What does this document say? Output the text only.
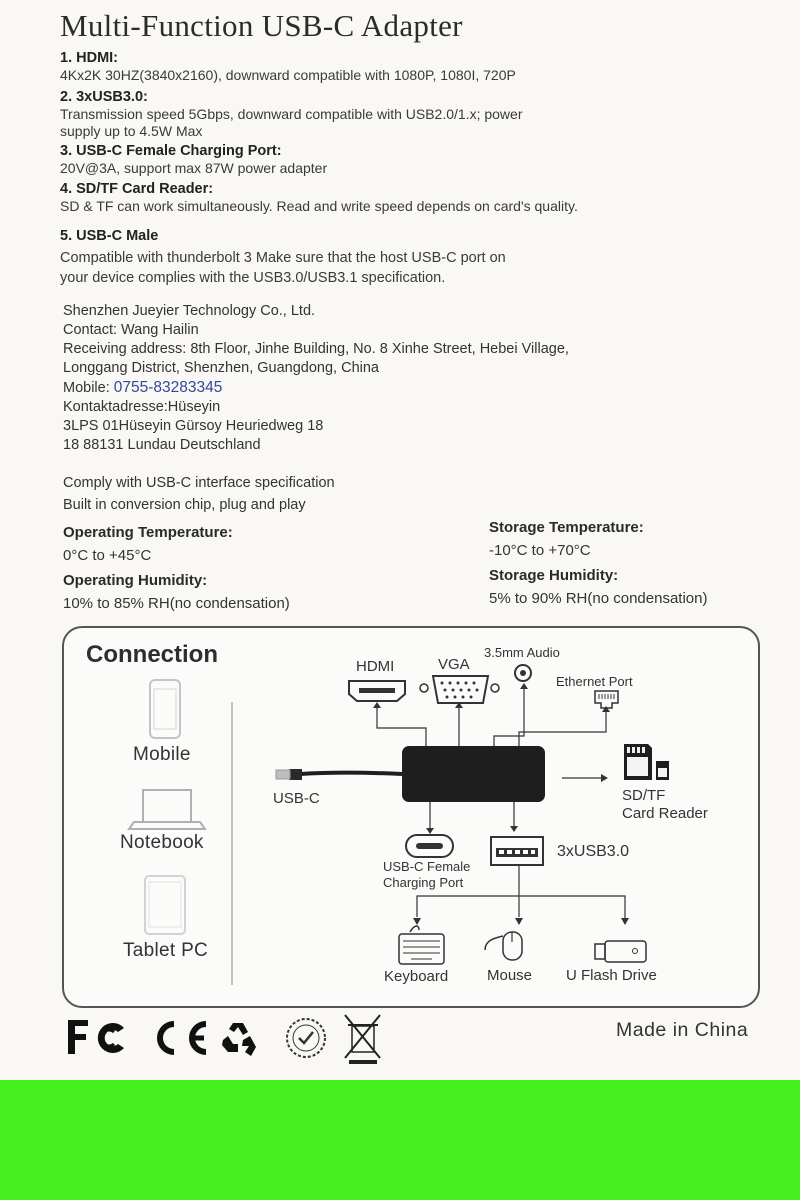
Multi-Function USB-C Adapter
1. HDMI:
4Kx2K 30HZ(3840x2160), downward compatible with 1080P, 1080I, 720P
2. 3xUSB3.0:
Transmission speed 5Gbps, downward compatible with USB2.0/1.x; power
supply up to 4.5W Max
3. USB-C Female Charging Port:
20V@3A, support max 87W power adapter
4. SD/TF Card Reader:
SD & TF can work simultaneously. Read and write speed depends on card's quality.
5. USB-C Male
Compatible with thunderbolt 3 Make sure that the host USB-C port on
your device complies with the USB3.0/USB3.1 specification.
Shenzhen Jueyier Technology Co., Ltd.
Contact: Wang Hailin
Receiving address: 8th Floor, Jinhe Building, No. 8 Xinhe Street, Hebei Village,
Longgang District, Shenzhen, Guangdong, China
Mobile: 0755-83283345
Kontaktadresse:Hüseyin
3LPS 01Hüseyin Gürsoy Heuriedweg 18
18 88131 Lundau Deutschland
Comply with USB-C interface specification
Built in conversion chip, plug and play
Operating Temperature:
0°C to +45°C
Operating Humidity:
10% to 85% RH(no condensation)
Storage Temperature:
-10°C to +70°C
Storage Humidity:
5% to 90% RH(no condensation)
Connection
Mobile
Notebook
Tablet PC
HDMI	VGA
3.5mm Audio
Ethernet Port
USB-C	SD/TF
Card Reader
USB-C Female
Charging Port
3xUSB3.0
Keyboard	Mouse U Flash Drive
Made in China
